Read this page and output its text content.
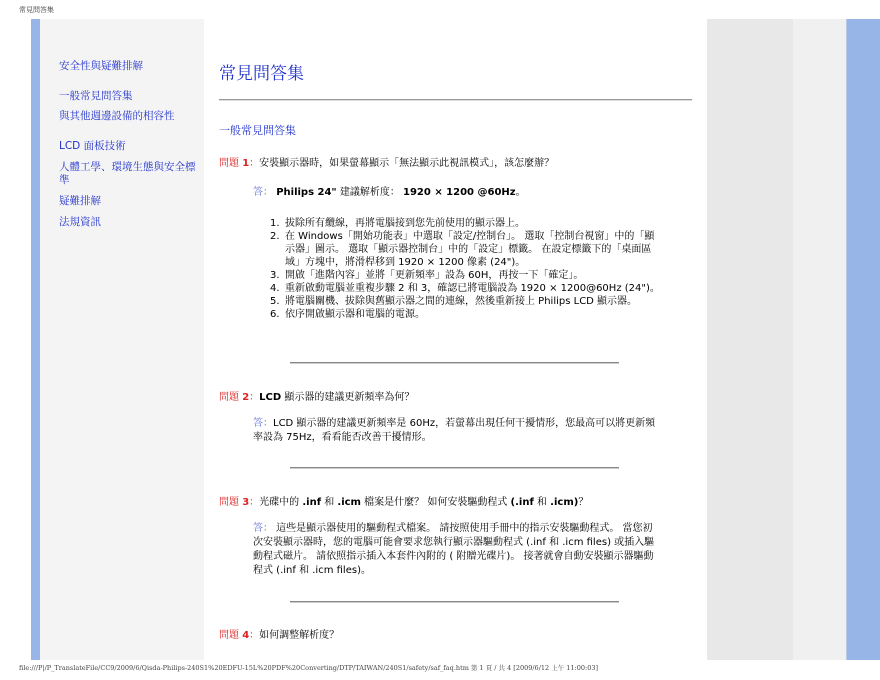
常見問答集
安全性與疑難排解
一般常見問答集
與其他週邊設備的相容性
LCD 面板技術
人體工學、環境生態與安全標準
疑難排解
法規資訊
常見問答集
一般常見問答集
問題 1：安裝顯示器時，如果螢幕顯示「無法顯示此視訊模式」，該怎麼辦？
答： Philips 24" 建議解析度： 1920 × 1200 @60Hz。
1. 拔除所有纜線，再將電腦接到您先前使用的顯示器上。
2. 在 Windows「開始功能表」中選取「設定/控制台」。 選取「控制台視窗」中的「顯示器」圖示。 選取「顯示器控制台」中的「設定」標籤。 在設定標籤下的「桌面區域」方塊中，將滑桿移到 1920 × 1200 像素 (24")。
3. 開啟「進階內容」並將「更新頻率」設為 60H，再按一下「確定」。
4. 重新啟動電腦並重複步驟 2 和 3，確認已將電腦設為 1920 × 1200@60Hz (24")。
5. 將電腦關機、拔除與舊顯示器之間的連線，然後重新接上 Philips LCD 顯示器。
6. 依序開啟顯示器和電腦的電源。
問題 2：LCD 顯示器的建議更新頻率為何？
答：LCD 顯示器的建議更新頻率是 60Hz，若螢幕出現任何干擾情形，您最高可以將更新頻率設為 75Hz，看看能否改善干擾情形。
問題 3：光碟中的 .inf 和 .icm 檔案是什麼？ 如何安裝驅動程式 (.inf 和 .icm)？
答： 這些是顯示器使用的驅動程式檔案。 請按照使用手冊中的指示安裝驅動程式。 當您初次安裝顯示器時，您的電腦可能會要求您執行顯示器驅動程式 (.inf 和 .icm files) 或插入驅動程式磁片。 請依照指示插入本套件內附的 ( 附贈光碟片)。 接著就會自動安裝顯示器驅動程式 (.inf 和 .icm files)。
問題 4：如何調整解析度？
file:///P|/P_TranslateFile/CC9/2009/6/Qisda-Philips-240S1%20EDFU-15L%20PDF%20Converting/DTP/TAIWAN/240S1/safety/saf_faq.htm 第 1 頁 / 共 4 [2009/6/12 上午 11:00:03]
